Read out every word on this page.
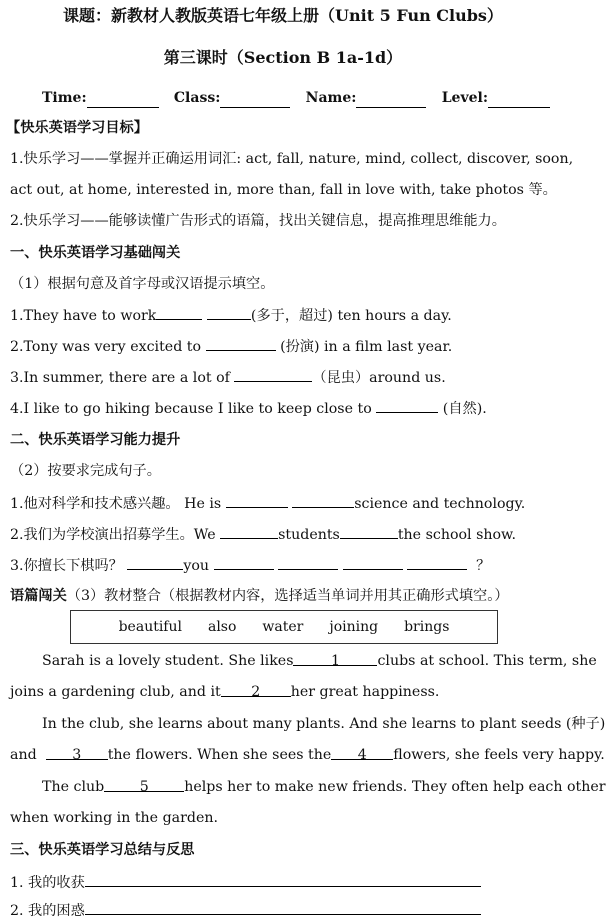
课题：新教材人教版英语七年级上册（Unit 5 Fun Clubs）
第三课时（Section B 1a-1d）
Time:	Class:	Name:	Level:
【快乐英语学习目标】
1.快乐学习——掌握并正确运用词汇: act, fall, nature, mind, collect, discover, soon,
act out, at home, interested in, more than, fall in love with, take photos 等。
2.快乐学习——能够读懂广告形式的语篇，找出关键信息，提高推理思维能力。
一、快乐英语学习基础闯关
（1）根据句意及首字母或汉语提示填空。
1.They have to work	(多于，超过) ten hours a day.
2.Tony was very excited to	(扮演) in a film last year.
3.In summer, there are a lot of	（昆虫）around us.
4.I like to go hiking because I like to keep close to	(自然).
二、快乐英语学习能力提升
（2）按要求完成句子。
1.他对科学和技术感兴趣。 He is	science and technology.
2.我们为学校演出招募学生。We	students	the school show.
3.你擅长下棋吗？	you	？
语篇闯关（3）教材整合（根据教材内容，选择适当单词并用其正确形式填空。）
beautiful also water joining brings
Sarah is a lovely student. She likes	1	clubs at school. This term, she
joins a gardening club, and it 2 her great happiness.
In the club, she learns about many plants. And she learns to plant seeds (种子)
and	3 the flowers. When she sees the 4 flowers, she feels very happy.
The club 5 helps her to make new friends. They often help each other
when working in the garden.
三、快乐英语学习总结与反思
1. 我的收获
2. 我的困惑
